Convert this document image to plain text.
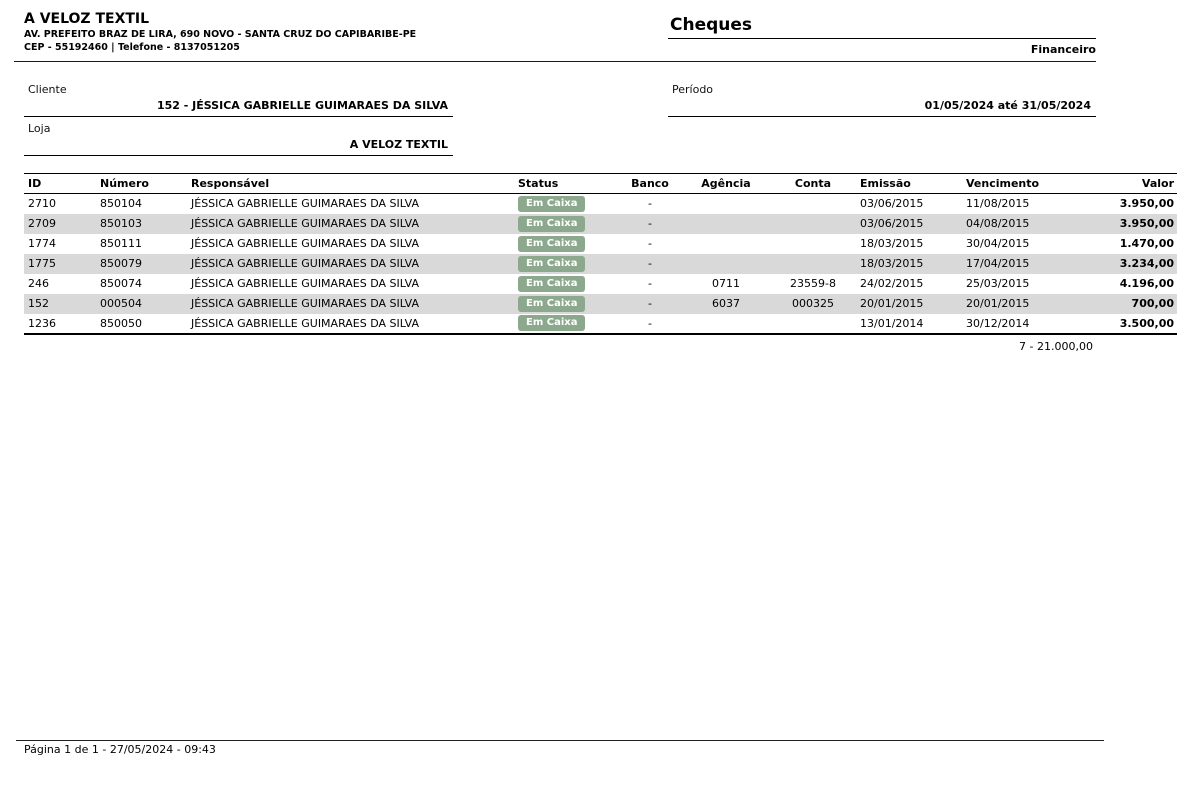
A VELOZ TEXTIL
AV. PREFEITO BRAZ DE LIRA, 690 NOVO - SANTA CRUZ DO CAPIBARIBE-PE
CEP - 55192460 | Telefone - 8137051205
Cheques
Financeiro
Cliente
152 - JÉSSICA GABRIELLE GUIMARAES DA SILVA
Período
01/05/2024 até 31/05/2024
Loja
A VELOZ TEXTIL
ID	Número	Responsável	Status	Banco	Agência	Conta	Emissão	Vencimento	Valor
2710	850104	JÉSSICA GABRIELLE GUIMARAES DA SILVA	Em Caixa	-			03/06/2015	11/08/2015	3.950,00
2709	850103	JÉSSICA GABRIELLE GUIMARAES DA SILVA	Em Caixa	-			03/06/2015	04/08/2015	3.950,00
1774	850111	JÉSSICA GABRIELLE GUIMARAES DA SILVA	Em Caixa	-			18/03/2015	30/04/2015	1.470,00
1775	850079	JÉSSICA GABRIELLE GUIMARAES DA SILVA	Em Caixa	-			18/03/2015	17/04/2015	3.234,00
246	850074	JÉSSICA GABRIELLE GUIMARAES DA SILVA	Em Caixa	-	0711	23559-8	24/02/2015	25/03/2015	4.196,00
152	000504	JÉSSICA GABRIELLE GUIMARAES DA SILVA	Em Caixa	-	6037	000325	20/01/2015	20/01/2015	700,00
1236	850050	JÉSSICA GABRIELLE GUIMARAES DA SILVA	Em Caixa	-			13/01/2014	30/12/2014	3.500,00
7 - 21.000,00
Página 1 de 1 - 27/05/2024 - 09:43
